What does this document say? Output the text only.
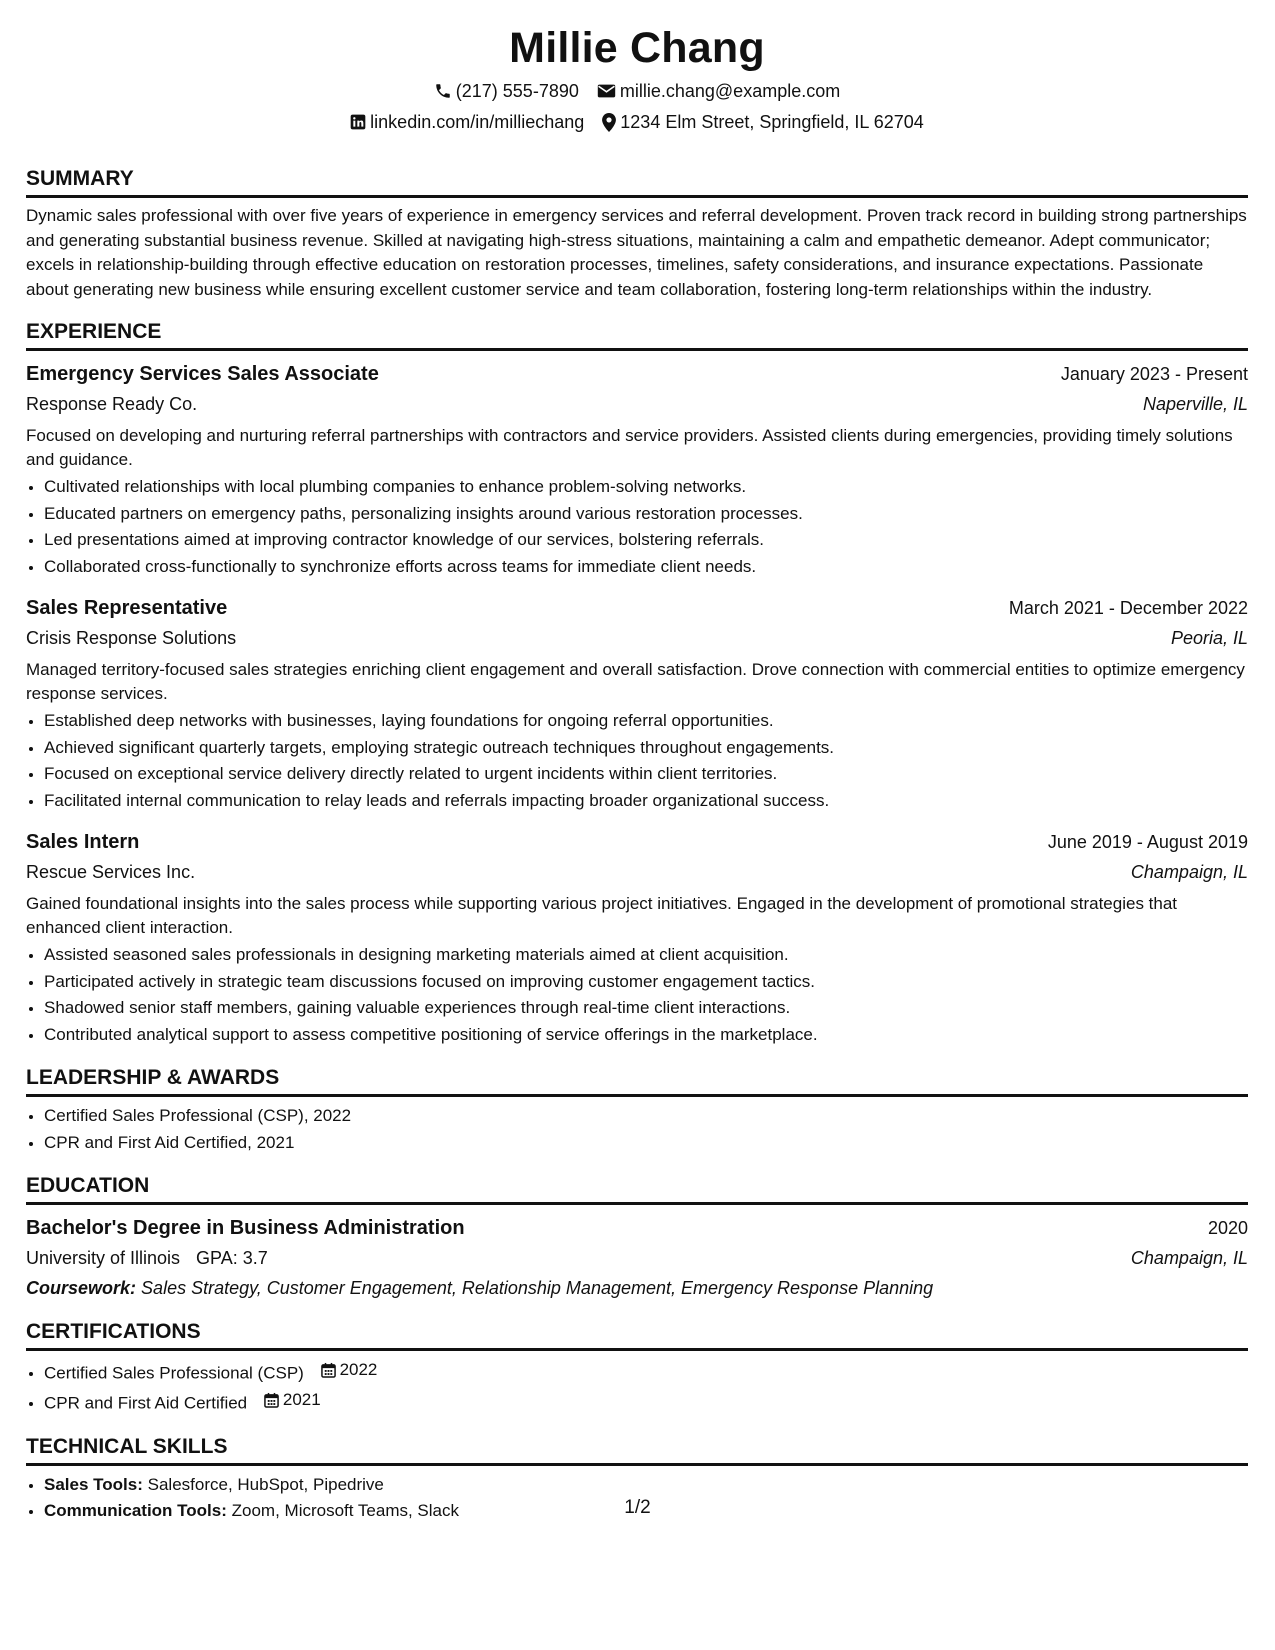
Millie Chang
(217) 555-7890 millie.chang@example.com
linkedin.com/in/milliechang 1234 Elm Street, Springfield, IL 62704
SUMMARY

Dynamic sales professional with over five years of experience in emergency services and referral development. Proven track record in building strong partnerships and generating substantial business revenue. Skilled at navigating high-stress situations, maintaining a calm and empathetic demeanor. Adept communicator; excels in relationship-building through effective education on restoration processes, timelines, safety considerations, and insurance expectations. Passionate about generating new business while ensuring excellent customer service and team collaboration, fostering long-term relationships within the industry.

EXPERIENCE
Emergency Services Sales Associate	January 2023 - Present
Response Ready Co.	Naperville, IL

Focused on developing and nurturing referral partnerships with contractors and service providers. Assisted clients during emergencies, providing timely solutions and guidance.

• Cultivated relationships with local plumbing companies to enhance problem-solving networks.
• Educated partners on emergency paths, personalizing insights around various restoration processes.
• Led presentations aimed at improving contractor knowledge of our services, bolstering referrals.
• Collaborated cross-functionally to synchronize efforts across teams for immediate client needs.
Sales Representative	March 2021 - December 2022
Crisis Response Solutions	Peoria, IL

Managed territory-focused sales strategies enriching client engagement and overall satisfaction. Drove connection with commercial entities to optimize emergency response services.

• Established deep networks with businesses, laying foundations for ongoing referral opportunities.
• Achieved significant quarterly targets, employing strategic outreach techniques throughout engagements.
• Focused on exceptional service delivery directly related to urgent incidents within client territories.
• Facilitated internal communication to relay leads and referrals impacting broader organizational success.
Sales Intern	June 2019 - August 2019
Rescue Services Inc.	Champaign, IL

Gained foundational insights into the sales process while supporting various project initiatives. Engaged in the development of promotional strategies that enhanced client interaction.

• Assisted seasoned sales professionals in designing marketing materials aimed at client acquisition.
• Participated actively in strategic team discussions focused on improving customer engagement tactics.
• Shadowed senior staff members, gaining valuable experiences through real-time client interactions.
• Contributed analytical support to assess competitive positioning of service offerings in the marketplace.
LEADERSHIP & AWARDS
• Certified Sales Professional (CSP), 2022
• CPR and First Aid Certified, 2021
EDUCATION
Bachelor's Degree in Business Administration	2020
University of Illinois GPA: 3.7	Champaign, IL
Coursework: Sales Strategy, Customer Engagement, Relationship Management, Emergency Response Planning
CERTIFICATIONS
• Certified Sales Professional (CSP) 2022
• CPR and First Aid Certified 2021
TECHNICAL SKILLS
• Sales Tools: Salesforce, HubSpot, Pipedrive
• Communication Tools: Zoom, Microsoft Teams, Slack	1/2
